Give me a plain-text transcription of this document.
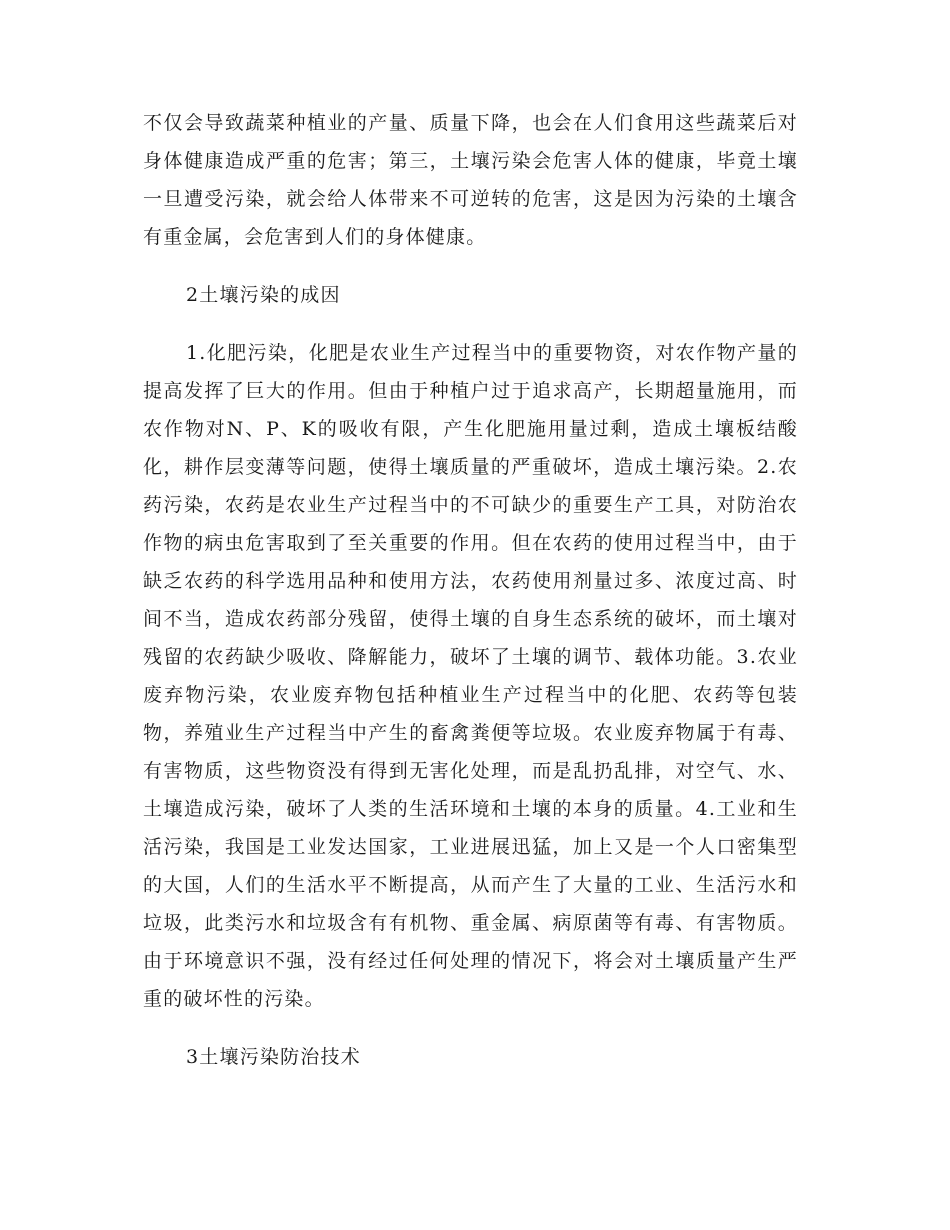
不仅会导致蔬菜种植业的产量、质量下降，也会在人们食用这些蔬菜后对身体健康造成严重的危害；第三，土壤污染会危害人体的健康，毕竟土壤一旦遭受污染，就会给人体带来不可逆转的危害，这是因为污染的土壤含有重金属，会危害到人们的身体健康。

2土壤污染的成因

1.化肥污染，化肥是农业生产过程当中的重要物资，对农作物产量的提高发挥了巨大的作用。但由于种植户过于追求高产，长期超量施用，而农作物对N、P、K的吸收有限，产生化肥施用量过剩，造成土壤板结酸化，耕作层变薄等问题，使得土壤质量的严重破坏，造成土壤污染。2.农药污染，农药是农业生产过程当中的不可缺少的重要生产工具，对防治农作物的病虫危害取到了至关重要的作用。但在农药的使用过程当中，由于缺乏农药的科学选用品种和使用方法，农药使用剂量过多、浓度过高、时间不当，造成农药部分残留，使得土壤的自身生态系统的破坏，而土壤对残留的农药缺少吸收、降解能力，破坏了土壤的调节、载体功能。3.农业废弃物污染，农业废弃物包括种植业生产过程当中的化肥、农药等包装物，养殖业生产过程当中产生的畜禽粪便等垃圾。农业废弃物属于有毒、有害物质，这些物资没有得到无害化处理，而是乱扔乱排，对空气、水、土壤造成污染，破坏了人类的生活环境和土壤的本身的质量。4.工业和生活污染，我国是工业发达国家，工业进展迅猛，加上又是一个人口密集型的大国，人们的生活水平不断提高，从而产生了大量的工业、生活污水和垃圾，此类污水和垃圾含有有机物、重金属、病原菌等有毒、有害物质。由于环境意识不强，没有经过任何处理的情况下，将会对土壤质量产生严重的破坏性的污染。

3土壤污染防治技术
